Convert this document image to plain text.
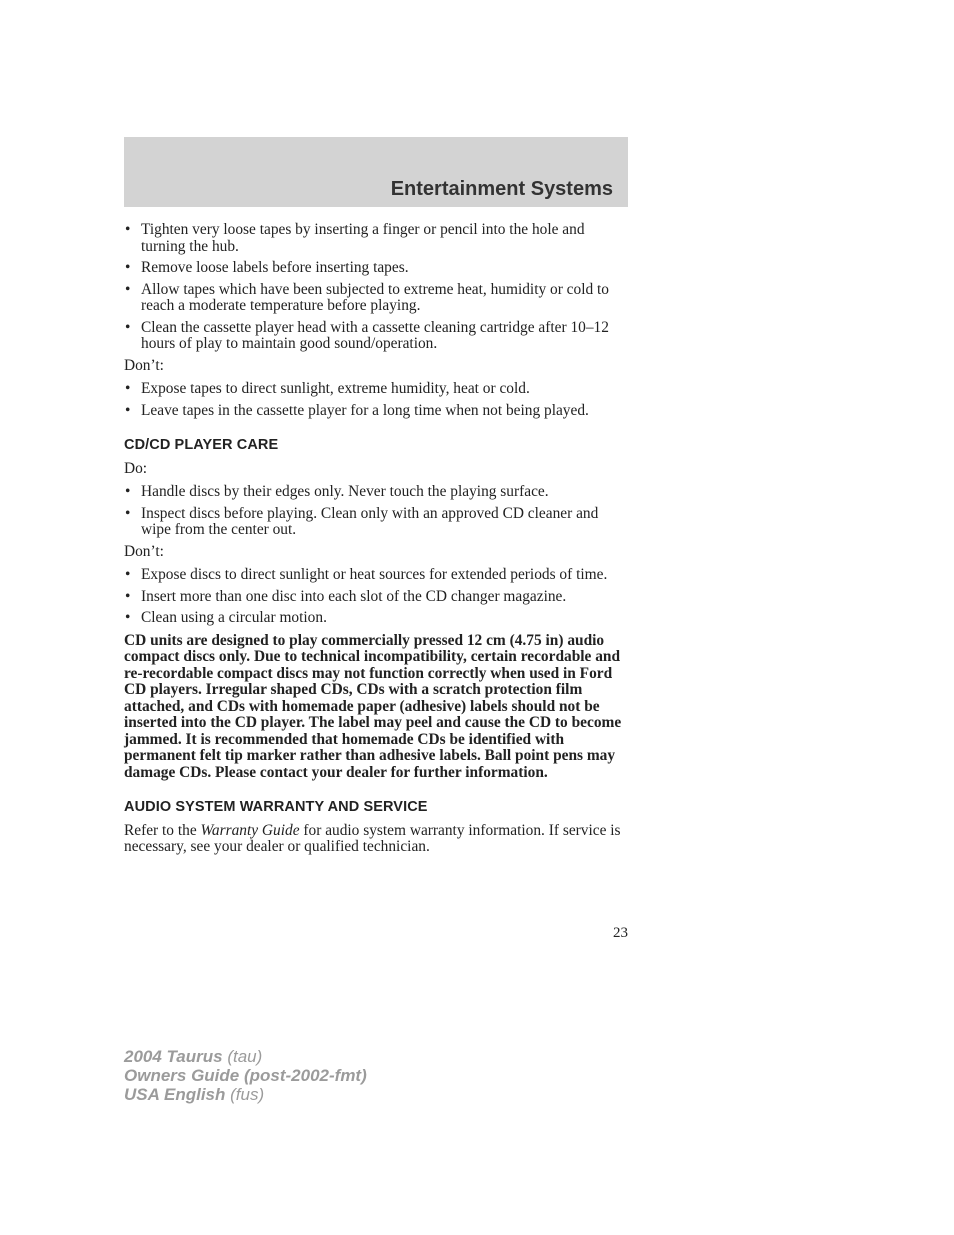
Entertainment Systems
• Tighten very loose tapes by inserting a finger or pencil into the hole and turning the hub.
• Remove loose labels before inserting tapes.
• Allow tapes which have been subjected to extreme heat, humidity or cold to reach a moderate temperature before playing.
• Clean the cassette player head with a cassette cleaning cartridge after 10–12 hours of play to maintain good sound/operation.
Don’t:
• Expose tapes to direct sunlight, extreme humidity, heat or cold.
• Leave tapes in the cassette player for a long time when not being played.
CD/CD PLAYER CARE
Do:
• Handle discs by their edges only. Never touch the playing surface.
• Inspect discs before playing. Clean only with an approved CD cleaner and wipe from the center out.
Don’t:
• Expose discs to direct sunlight or heat sources for extended periods of time.
• Insert more than one disc into each slot of the CD changer magazine.
• Clean using a circular motion.

CD units are designed to play commercially pressed 12 cm (4.75 in) audio compact discs only. Due to technical incompatibility, certain recordable and re-recordable compact discs may not function correctly when used in Ford CD players. Irregular shaped CDs, CDs with a scratch protection film attached, and CDs with homemade paper (adhesive) labels should not be inserted into the CD player. The label may peel and cause the CD to become jammed. It is recommended that homemade CDs be identified with permanent felt tip marker rather than adhesive labels. Ball point pens may damage CDs. Please contact your dealer for further information.

AUDIO SYSTEM WARRANTY AND SERVICE

Refer to the Warranty Guide for audio system warranty information. If service is necessary, see your dealer or qualified technician.

23
2004 Taurus (tau)
Owners Guide (post-2002-fmt)
USA English (fus)
